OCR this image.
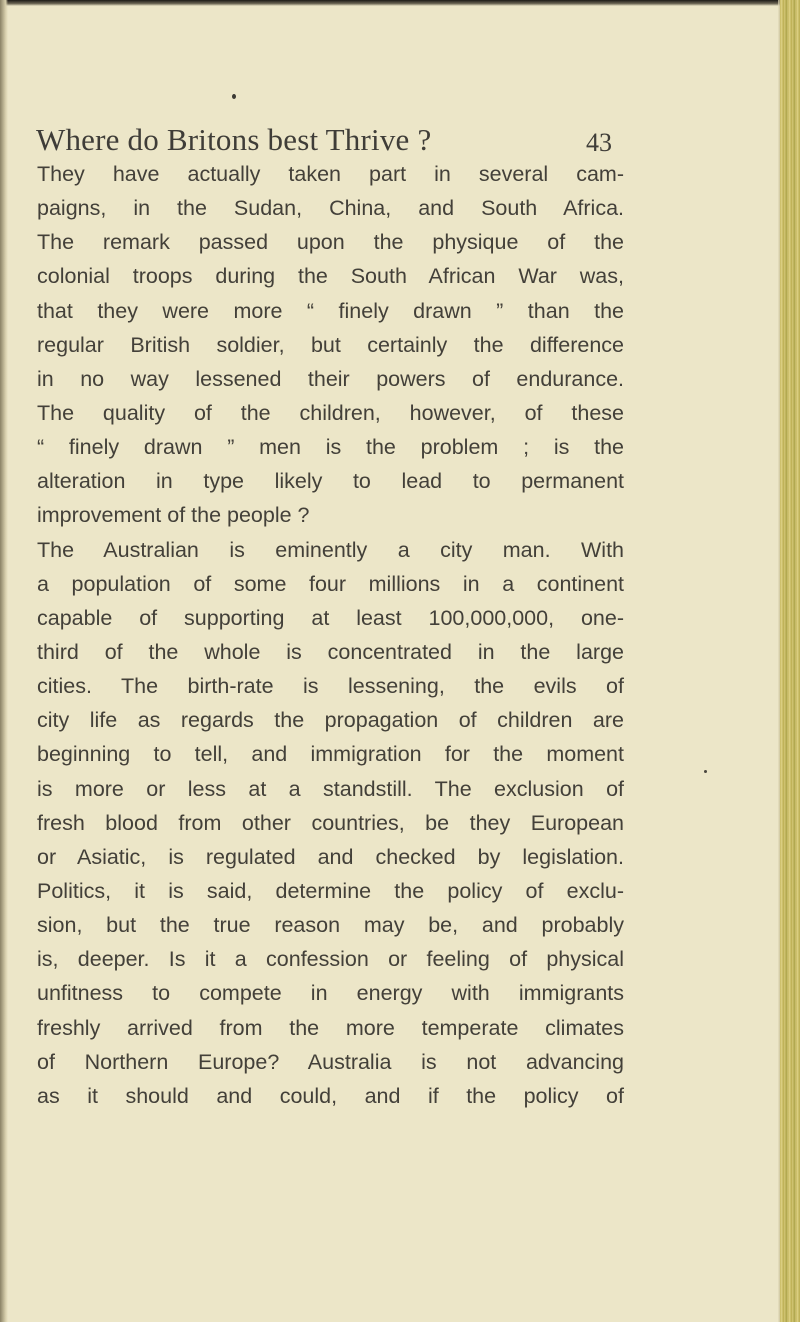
Where do Britons best Thrive ?	43
They have actually taken part in several cam-
paigns, in the Sudan, China, and South Africa.
The remark passed upon the physique of the
colonial troops during the South African War was,
that they were more “ finely drawn ” than the
regular British soldier, but certainly the difference
in no way lessened their powers of endurance.
The quality of the children, however, of these
“ finely drawn ” men is the problem ; is the
alteration in type likely to lead to permanent
improvement of the people ?
The Australian is eminently a city man. With
a population of some four millions in a continent
capable of supporting at least 100,000,000, one-
third of the whole is concentrated in the large
cities. The birth-rate is lessening, the evils of
city life as regards the propagation of children are
beginning to tell, and immigration for the moment
is more or less at a standstill. The exclusion of
fresh blood from other countries, be they European
or Asiatic, is regulated and checked by legislation.
Politics, it is said, determine the policy of exclu-
sion, but the true reason may be, and probably
is, deeper. Is it a confession or feeling of physical
unfitness to compete in energy with immigrants
freshly arrived from the more temperate climates
of Northern Europe? Australia is not advancing
as it should and could, and if the policy of
